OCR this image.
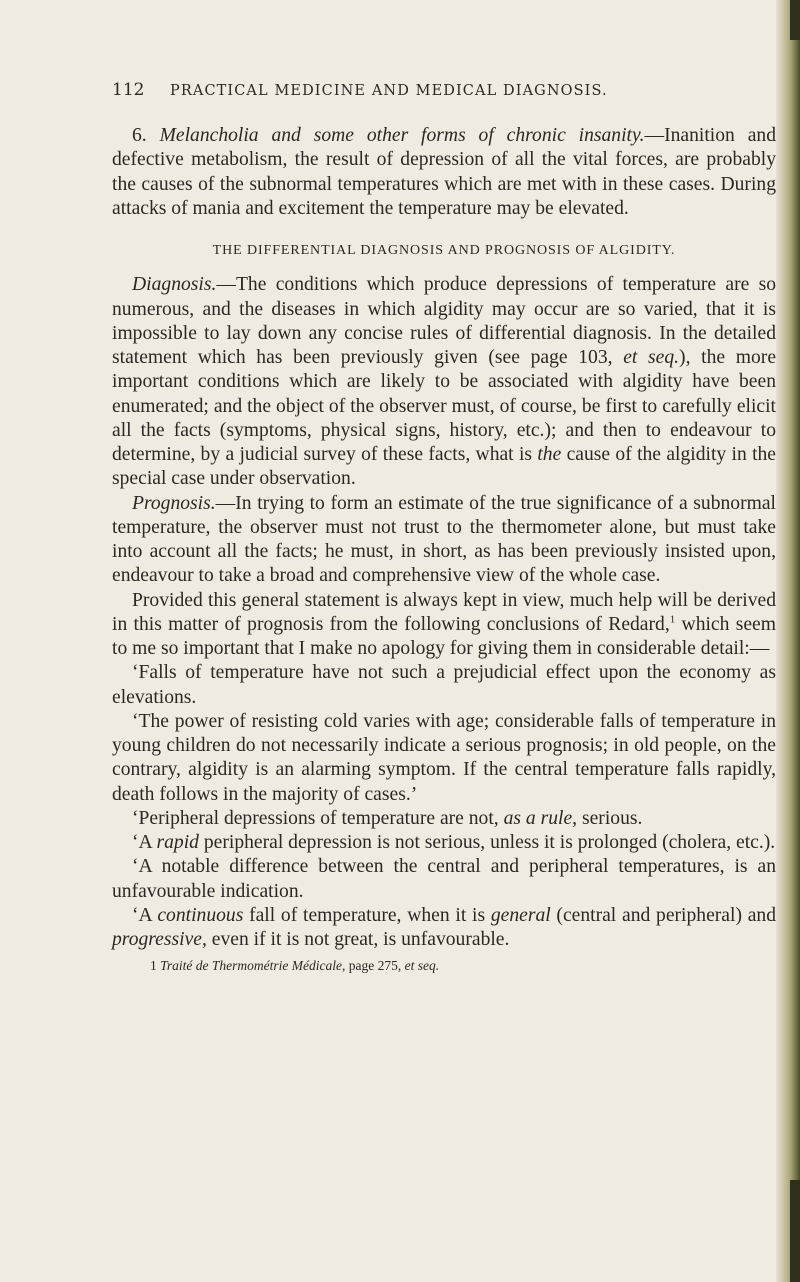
112 PRACTICAL MEDICINE AND MEDICAL DIAGNOSIS.

6. Melancholia and some other forms of chronic insanity.—Inanition and defective metabolism, the result of depression of all the vital forces, are probably the causes of the subnormal temperatures which are met with in these cases. During attacks of mania and excitement the temperature may be elevated.

THE DIFFERENTIAL DIAGNOSIS AND PROGNOSIS OF ALGIDITY.

Diagnosis.—The conditions which produce depressions of temperature are so numerous, and the diseases in which algidity may occur are so varied, that it is impossible to lay down any concise rules of differential diagnosis. In the detailed statement which has been previously given (see page 103, et seq.), the more important conditions which are likely to be associated with algidity have been enumerated; and the object of the observer must, of course, be first to carefully elicit all the facts (symptoms, physical signs, history, etc.); and then to endeavour to determine, by a judicial survey of these facts, what is the cause of the algidity in the special case under observation.

Prognosis.—In trying to form an estimate of the true significance of a subnormal temperature, the observer must not trust to the thermometer alone, but must take into account all the facts; he must, in short, as has been previously insisted upon, endeavour to take a broad and comprehensive view of the whole case.

Provided this general statement is always kept in view, much help will be derived in this matter of prognosis from the following conclusions of Redard,$^1$ which seem to me so important that I make no apology for giving them in considerable detail:—

‘Falls of temperature have not such a prejudicial effect upon the economy as elevations.

‘The power of resisting cold varies with age; considerable falls of temperature in young children do not necessarily indicate a serious prognosis; in old people, on the contrary, algidity is an alarming symptom. If the central temperature falls rapidly, death follows in the majority of cases.’

‘Peripheral depressions of temperature are not, as a rule, serious.

‘A rapid peripheral depression is not serious, unless it is prolonged (cholera, etc.).

‘A notable difference between the central and peripheral temperatures, is an unfavourable indication.

‘A continuous fall of temperature, when it is general (central and peripheral) and progressive, even if it is not great, is unfavourable.

1 Traité de Thermométrie Médicale, page 275, et seq.
